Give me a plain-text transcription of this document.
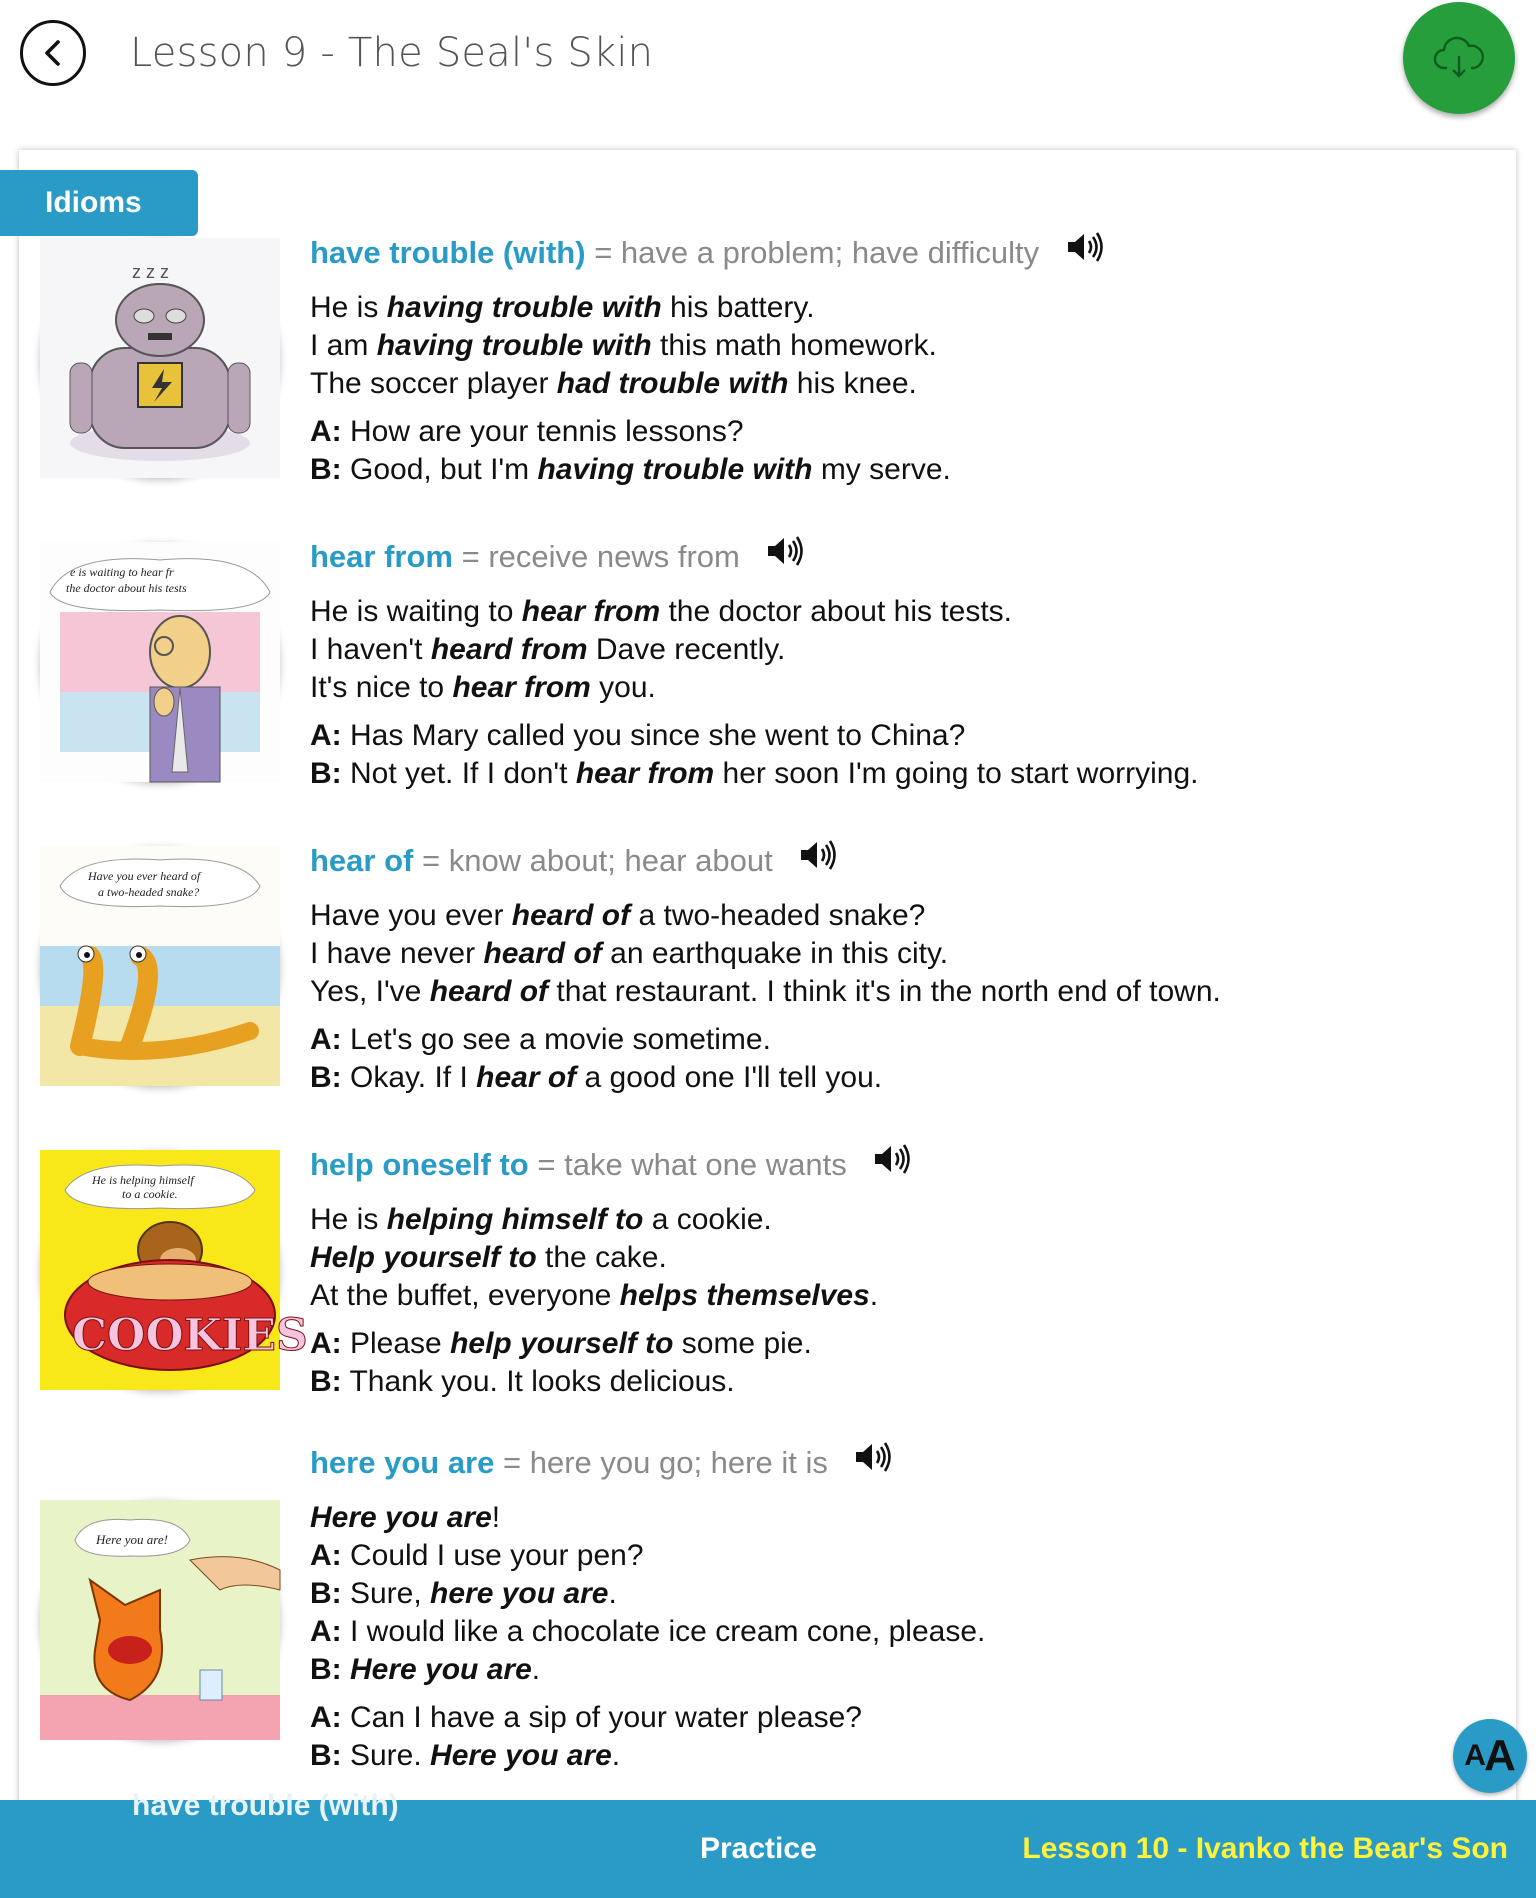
Lesson 9 - The Seal's Skin
Idioms
z z z
have trouble (with) = have a problem; have difficulty
He is having trouble with his battery.
I am having trouble with this math homework.
The soccer player had trouble with his knee.
A: How are your tennis lessons?
B: Good, but I'm having trouble with my serve.
e is waiting to hear fr
the doctor about his tests
hear from = receive news from
He is waiting to hear from the doctor about his tests.
I haven't heard from Dave recently.
It's nice to hear from you.
A: Has Mary called you since she went to China?
B: Not yet. If I don't hear from her soon I'm going to start worrying.
Have you ever heard of
a two-headed snake?
hear of = know about; hear about
Have you ever heard of a two-headed snake?
I have never heard of an earthquake in this city.
Yes, I've heard of that restaurant. I think it's in the north end of town.
A: Let's go see a movie sometime.
B: Okay. If I hear of a good one I'll tell you.
He is helping himself
to a cookie.
COOKIES
help oneself to = take what one wants
He is helping himself to a cookie.
Help yourself to the cake.
At the buffet, everyone helps themselves.
A: Please help yourself to some pie.
B: Thank you. It looks delicious.
Here you are!
here you are = here you go; here it is
Here you are!
A: Could I use your pen?
B: Sure, here you are.
A: I would like a chocolate ice cream cone, please.
B: Here you are.
A: Can I have a sip of your water please?
B: Sure. Here you are.	A
A
have trouble (with)
Practice	Lesson 10 - Ivanko the Bear's Son
